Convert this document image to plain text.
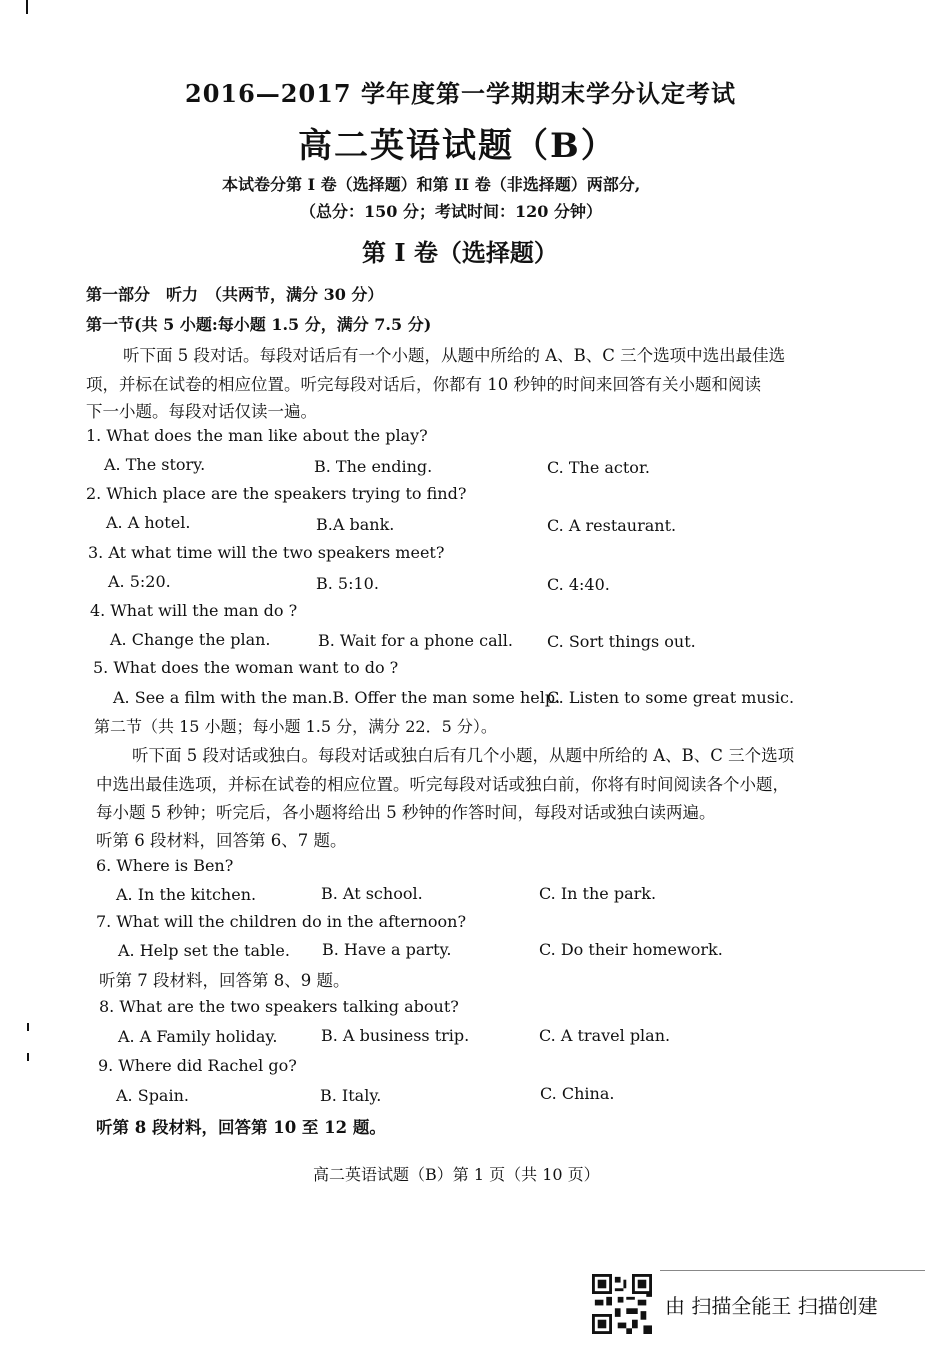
2016—2017 学年度第一学期期末学分认定考试
高二英语试题（B）
本试卷分第 I 卷（选择题）和第 II 卷（非选择题）两部分,
（总分：150 分；考试时间：120 分钟）
第 I 卷（选择题）
第一部分　听力　（共两节，满分 30 分）
第一节(共 5 小题:每小题 1.5 分，满分 7.5 分)
听下面 5 段对话。每段对话后有一个小题，从题中所给的 A、B、C 三个选项中选出最佳选
项，并标在试卷的相应位置。听完每段对话后，你都有 10 秒钟的时间来回答有关小题和阅读
下一小题。每段对话仅读一遍。
1. What does the man like about the play?
A. The story.	B. The ending.	C. The actor.
2. Which place are the speakers trying to find?
A. A hotel.	B.A bank.	C. A restaurant.
3. At what time will the two speakers meet?
A. 5:20.	B. 5:10.	C. 4:40.
4. What will the man do ?
A. Change the plan.	B. Wait for a phone call. C. Sort things out.
5. What does the woman want to do ?
A. See a film with the man.B. Offer the man some help.
C. Listen to some great music.
第二节（共 15 小题；每小题 1.5 分，满分 22．5 分）。
听下面 5 段对话或独白。每段对话或独白后有几个小题，从题中所给的 A、B、C 三个选项
中选出最佳选项，并标在试卷的相应位置。听完每段对话或独白前，你将有时间阅读各个小题，
每小题 5 秒钟；听完后，各小题将给出 5 秒钟的作答时间，每段对话或独白读两遍。
听第 6 段材料，回答第 6、7 题。
6. Where is Ben?
A. In the kitchen.	B. At school.	C. In the park.
7. What will the children do in the afternoon?
A. Help set the table. B. Have a party.	C. Do their homework.
听第 7 段材料，回答第 8、9 题。
8. What are the two speakers talking about?
A. A Family holiday.	B. A business trip.	C. A travel plan.
9. Where did Rachel go?
A. Spain.	B. Italy.	C. China.
听第 8 段材料，回答第 10 至 12 题。
高二英语试题（B）第 1 页（共 10 页）
由 扫描全能王 扫描创建
